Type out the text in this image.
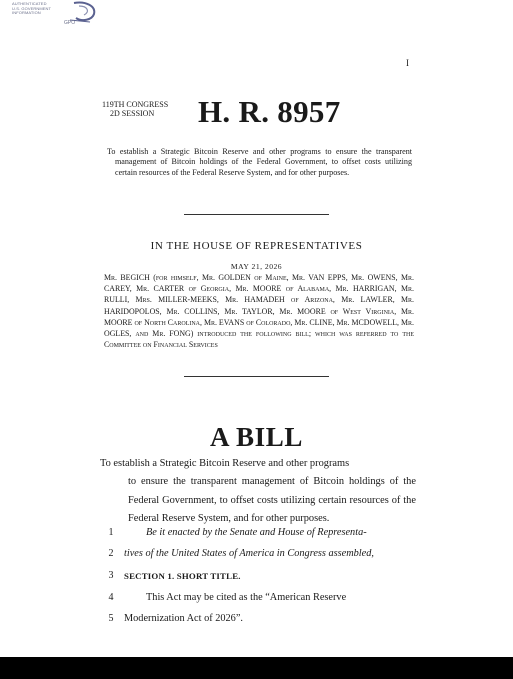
AUTHENTICATED
U.S. GOVERNMENT
INFORMATION
GPO
I
119TH CONGRESS
2D SESSION	H. R. 8957
To establish a Strategic Bitcoin Reserve and other programs to ensure the transparent management of Bitcoin holdings of the Federal Government, to offset costs utilizing certain resources of the Federal Reserve System, and for other purposes.
IN THE HOUSE OF REPRESENTATIVES
MAY 21, 2026
Mr. BEGICH (for himself, Mr. GOLDEN of Maine, Mr. VAN EPPS, Mr. OWENS, Mr. CAREY, Mr. CARTER of Georgia, Mr. MOORE of Alabama, Mr. HARRIGAN, Mr. RULLI, Mrs. MILLER-MEEKS, Mr. HAMADEH of Arizona, Mr. LAWLER, Mr. HARIDOPOLOS, Mr. COLLINS, Mr. TAYLOR, Mr. MOORE of West Virginia, Mr. MOORE of North Carolina, Mr. EVANS of Colorado, Mr. CLINE, Mr. MCDOWELL, Mr. OGLES, and Mr. FONG) introduced the following bill; which was referred to the Committee on Financial Services
A BILL
To establish a Strategic Bitcoin Reserve and other programs
to ensure the transparent management of Bitcoin holdings of the Federal Government, to offset costs utilizing certain resources of the Federal Reserve System, and for other purposes.
1	Be it enacted by the Senate and House of Representa-
2 tives of the United States of America in Congress assembled,
3 SECTION 1. SHORT TITLE.
4	This Act may be cited as the “American Reserve
5 Modernization Act of 2026”.
